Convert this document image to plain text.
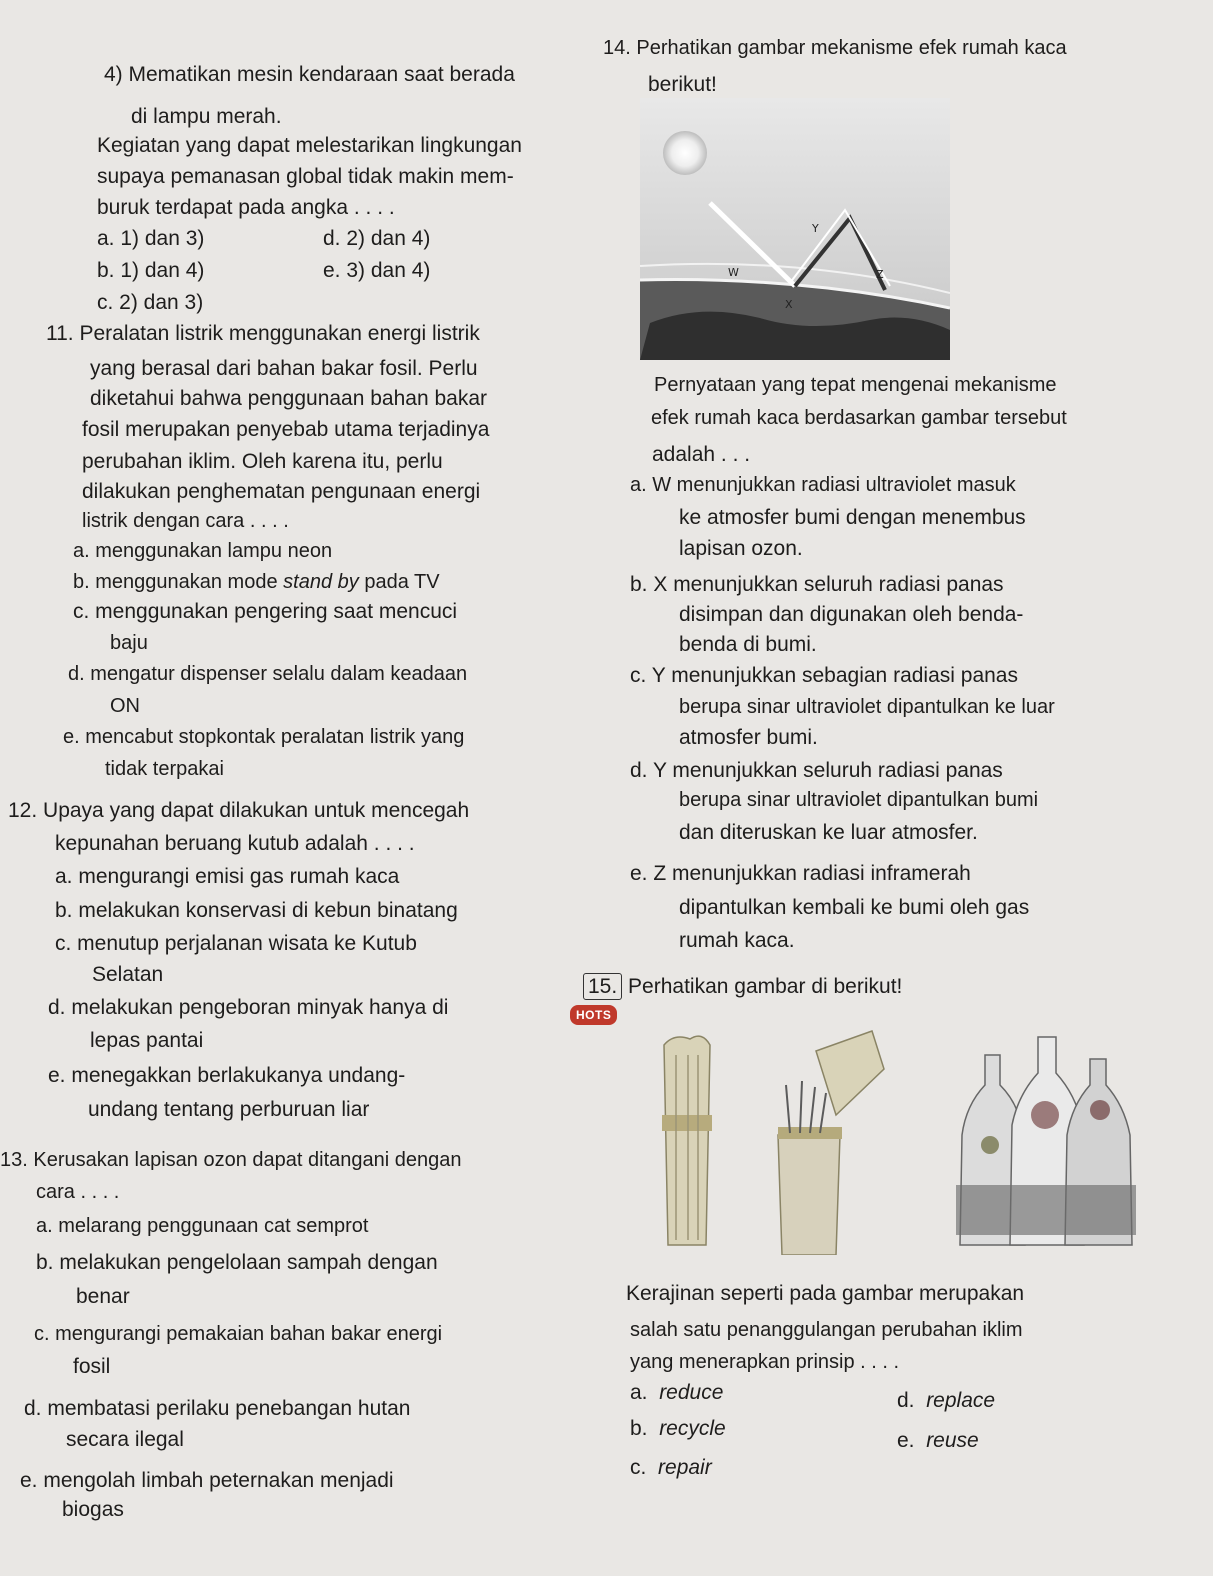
4) Mematikan mesin kendaraan saat berada
di lampu merah.
Kegiatan yang dapat melestarikan lingkungan
supaya pemanasan global tidak makin mem-
buruk terdapat pada angka . . . .
a. 1) dan 3)	d. 2) dan 4)
b. 1) dan 4)	e. 3) dan 4)
c. 2) dan 3)
11. Peralatan listrik menggunakan energi listrik
yang berasal dari bahan bakar fosil. Perlu
diketahui bahwa penggunaan bahan bakar
fosil merupakan penyebab utama terjadinya
perubahan iklim. Oleh karena itu, perlu
dilakukan penghematan pengunaan energi
listrik dengan cara . . . .
a. menggunakan lampu neon
b. menggunakan mode stand by pada TV
c. menggunakan pengering saat mencuci
baju
d. mengatur dispenser selalu dalam keadaan
ON
e. mencabut stopkontak peralatan listrik yang
tidak terpakai
12. Upaya yang dapat dilakukan untuk mencegah
kepunahan beruang kutub adalah . . . .
a. mengurangi emisi gas rumah kaca
b. melakukan konservasi di kebun binatang
c. menutup perjalanan wisata ke Kutub
Selatan
d. melakukan pengeboran minyak hanya di
lepas pantai
e. menegakkan berlakukanya undang-
undang tentang perburuan liar
13. Kerusakan lapisan ozon dapat ditangani dengan
cara . . . .
a. melarang penggunaan cat semprot
b. melakukan pengelolaan sampah dengan
benar
c. mengurangi pemakaian bahan bakar energi
fosil
d. membatasi perilaku penebangan hutan
secara ilegal
e. mengolah limbah peternakan menjadi
biogas
14. Perhatikan gambar mekanisme efek rumah kaca
berikut!
W
X
Y
Z
Pernyataan yang tepat mengenai mekanisme
efek rumah kaca berdasarkan gambar tersebut
adalah . . .
a. W menunjukkan radiasi ultraviolet masuk
ke atmosfer bumi dengan menembus
lapisan ozon.
b. X menunjukkan seluruh radiasi panas
disimpan dan digunakan oleh benda-
benda di bumi.
c. Y menunjukkan sebagian radiasi panas
berupa sinar ultraviolet dipantulkan ke luar
atmosfer bumi.
d. Y menunjukkan seluruh radiasi panas
berupa sinar ultraviolet dipantulkan bumi
dan diteruskan ke luar atmosfer.
e. Z menunjukkan radiasi inframerah
dipantulkan kembali ke bumi oleh gas
rumah kaca.
15. Perhatikan gambar di berikut!
HOTS
Kerajinan seperti pada gambar merupakan
salah satu penanggulangan perubahan iklim
yang menerapkan prinsip . . . .
a. reduce
b. recycle
c. repair
d. replace
e. reuse
